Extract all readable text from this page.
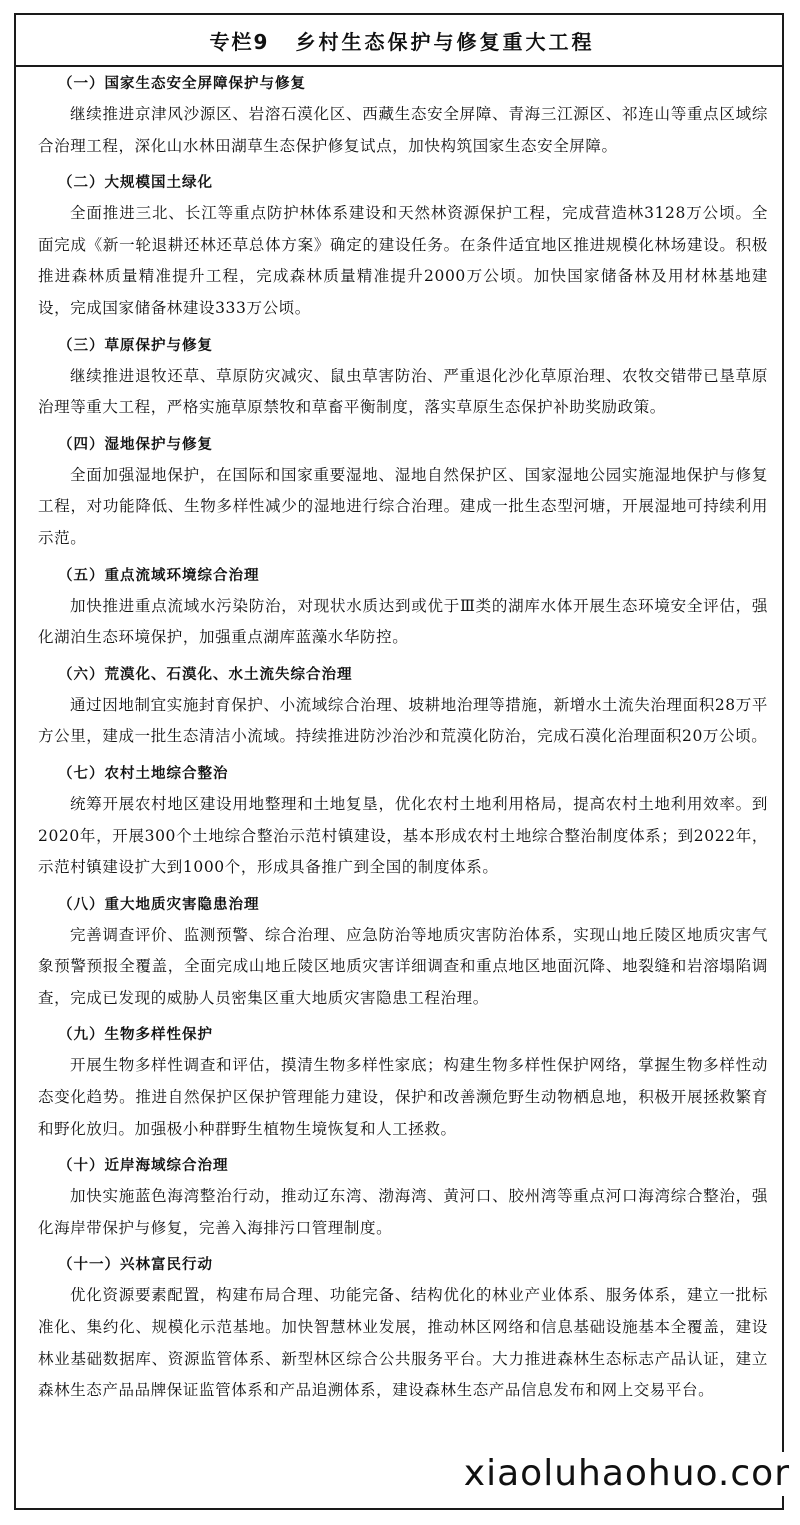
专栏9 乡村生态保护与修复重大工程
（一）国家生态安全屏障保护与修复

继续推进京津风沙源区、岩溶石漠化区、西藏生态安全屏障、青海三江源区、祁连山等重点区域综合治理工程，深化山水林田湖草生态保护修复试点，加快构筑国家生态安全屏障。

（二）大规模国土绿化

全面推进三北、长江等重点防护林体系建设和天然林资源保护工程，完成营造林3128万公顷。全面完成《新一轮退耕还林还草总体方案》确定的建设任务。在条件适宜地区推进规模化林场建设。积极推进森林质量精准提升工程，完成森林质量精准提升2000万公顷。加快国家储备林及用材林基地建设，完成国家储备林建设333万公顷。

（三）草原保护与修复

继续推进退牧还草、草原防灾减灾、鼠虫草害防治、严重退化沙化草原治理、农牧交错带已垦草原治理等重大工程，严格实施草原禁牧和草畜平衡制度，落实草原生态保护补助奖励政策。

（四）湿地保护与修复

全面加强湿地保护，在国际和国家重要湿地、湿地自然保护区、国家湿地公园实施湿地保护与修复工程，对功能降低、生物多样性减少的湿地进行综合治理。建成一批生态型河塘，开展湿地可持续利用示范。

（五）重点流域环境综合治理

加快推进重点流域水污染防治，对现状水质达到或优于Ⅲ类的湖库水体开展生态环境安全评估，强化湖泊生态环境保护，加强重点湖库蓝藻水华防控。

（六）荒漠化、石漠化、水土流失综合治理

通过因地制宜实施封育保护、小流域综合治理、坡耕地治理等措施，新增水土流失治理面积28万平方公里，建成一批生态清洁小流域。持续推进防沙治沙和荒漠化防治，完成石漠化治理面积20万公顷。

（七）农村土地综合整治

统筹开展农村地区建设用地整理和土地复垦，优化农村土地利用格局，提高农村土地利用效率。到2020年，开展300个土地综合整治示范村镇建设，基本形成农村土地综合整治制度体系；到2022年，示范村镇建设扩大到1000个，形成具备推广到全国的制度体系。

（八）重大地质灾害隐患治理

完善调查评价、监测预警、综合治理、应急防治等地质灾害防治体系，实现山地丘陵区地质灾害气象预警预报全覆盖，全面完成山地丘陵区地质灾害详细调查和重点地区地面沉降、地裂缝和岩溶塌陷调查，完成已发现的威胁人员密集区重大地质灾害隐患工程治理。

（九）生物多样性保护

开展生物多样性调查和评估，摸清生物多样性家底；构建生物多样性保护网络，掌握生物多样性动态变化趋势。推进自然保护区保护管理能力建设，保护和改善濒危野生动物栖息地，积极开展拯救繁育和野化放归。加强极小种群野生植物生境恢复和人工拯救。

（十）近岸海域综合治理

加快实施蓝色海湾整治行动，推动辽东湾、渤海湾、黄河口、胶州湾等重点河口海湾综合整治，强化海岸带保护与修复，完善入海排污口管理制度。

（十一）兴林富民行动

优化资源要素配置，构建布局合理、功能完备、结构优化的林业产业体系、服务体系，建立一批标准化、集约化、规模化示范基地。加快智慧林业发展，推动林区网络和信息基础设施基本全覆盖，建设林业基础数据库、资源监管体系、新型林区综合公共服务平台。大力推进森林生态标志产品认证，建立森林生态产品品牌保证监管体系和产品追溯体系，建设森林生态产品信息发布和网上交易平台。

xiaoluhaohuo.cor
